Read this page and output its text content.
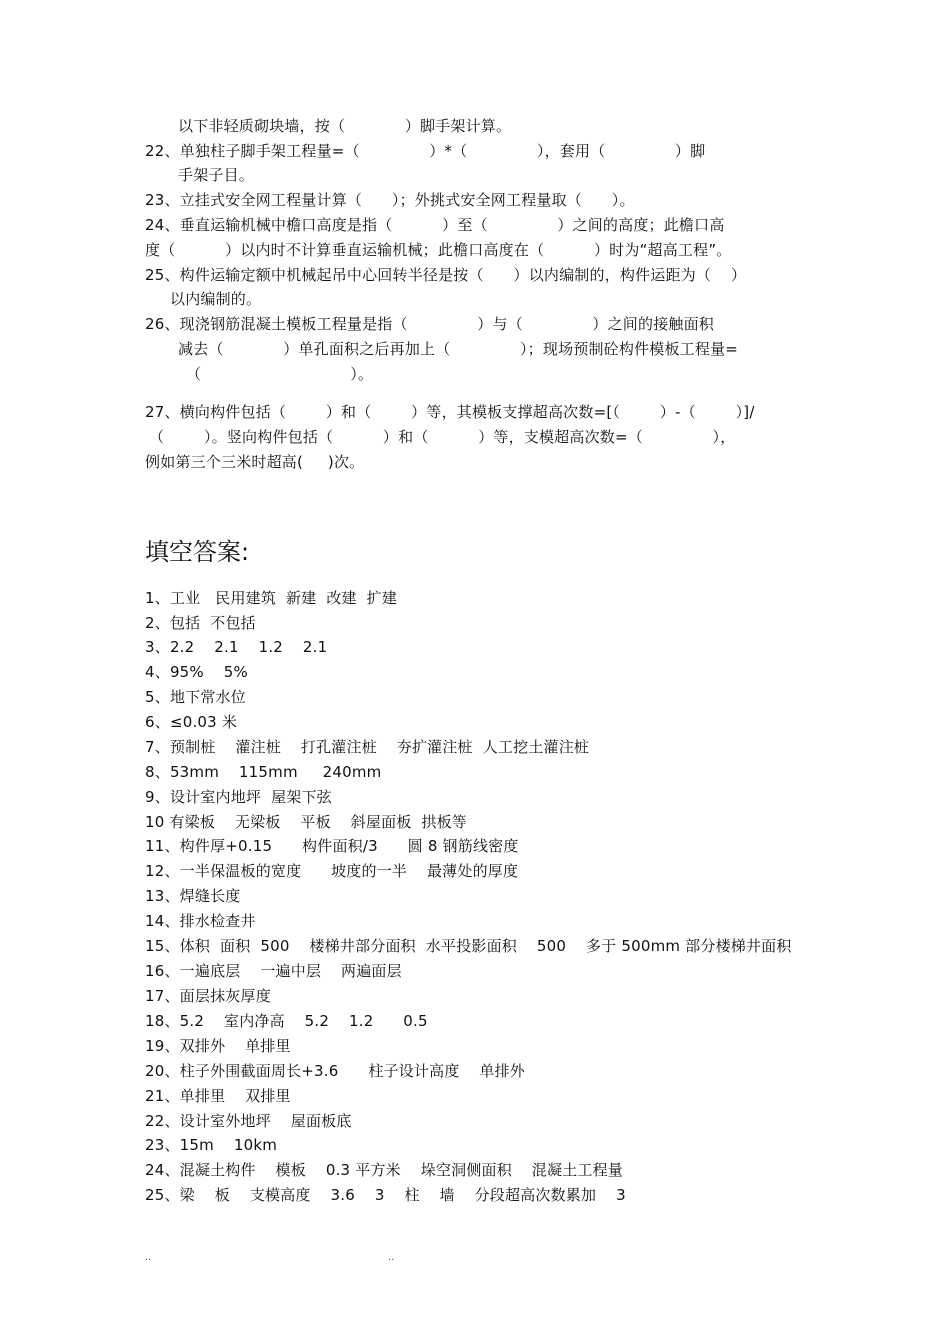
以下非轻质砌块墙，按（            ）脚手架计算。
22、单独柱子脚手架工程量=（              ）*（              ），套用（              ）脚
手架子目。
23、立挂式安全网工程量计算（      ）；外挑式安全网工程量取（      ）。
24、垂直运输机械中檐口高度是指（          ）至（              ）之间的高度；此檐口高
度（          ）以内时不计算垂直运输机械；此檐口高度在（          ）时为“超高工程”。
25、构件运输定额中机械起吊中心回转半径是按（      ）以内编制的，构件运距为（    ）
以内编制的。
26、现浇钢筋混凝土模板工程量是指（              ）与（              ）之间的接触面积
减去（            ）单孔面积之后再加上（              ）；现场预制砼构件模板工程量=
（                              ）。
27、横向构件包括（        ）和（        ）等，其模板支撑超高次数=[（        ）-（        ）]/
（        ）。竖向构件包括（          ）和（          ）等，支模超高次数=（              ），
例如第三个三米时超高(     )次。
填空答案:
1、工业   民用建筑  新建  改建  扩建
2、包括  不包括
3、2.2    2.1    1.2    2.1
4、95%    5%
5、地下常水位
6、≤0.03 米
7、预制桩    灌注桩    打孔灌注桩    夯扩灌注桩  人工挖土灌注桩
8、53mm    115mm     240mm
9、设计室内地坪  屋架下弦
10 有梁板    无梁板    平板    斜屋面板  拱板等
11、构件厚+0.15      构件面积/3      圆 8 钢筋线密度
12、一半保温板的宽度      坡度的一半    最薄处的厚度
13、焊缝长度
14、排水检查井
15、体积  面积  500    楼梯井部分面积  水平投影面积    500    多于 500mm 部分楼梯井面积
16、一遍底层    一遍中层    两遍面层
17、面层抹灰厚度
18、5.2    室内净高    5.2    1.2      0.5
19、双排外    单排里
20、柱子外围截面周长+3.6      柱子设计高度    单排外
21、单排里    双排里
22、设计室外地坪    屋面板底
23、15m    10km
24、混凝土构件    模板    0.3 平方米    垛空洞侧面积    混凝土工程量
25、梁    板    支模高度    3.6    3    柱    墙    分段超高次数累加    3
..	..
